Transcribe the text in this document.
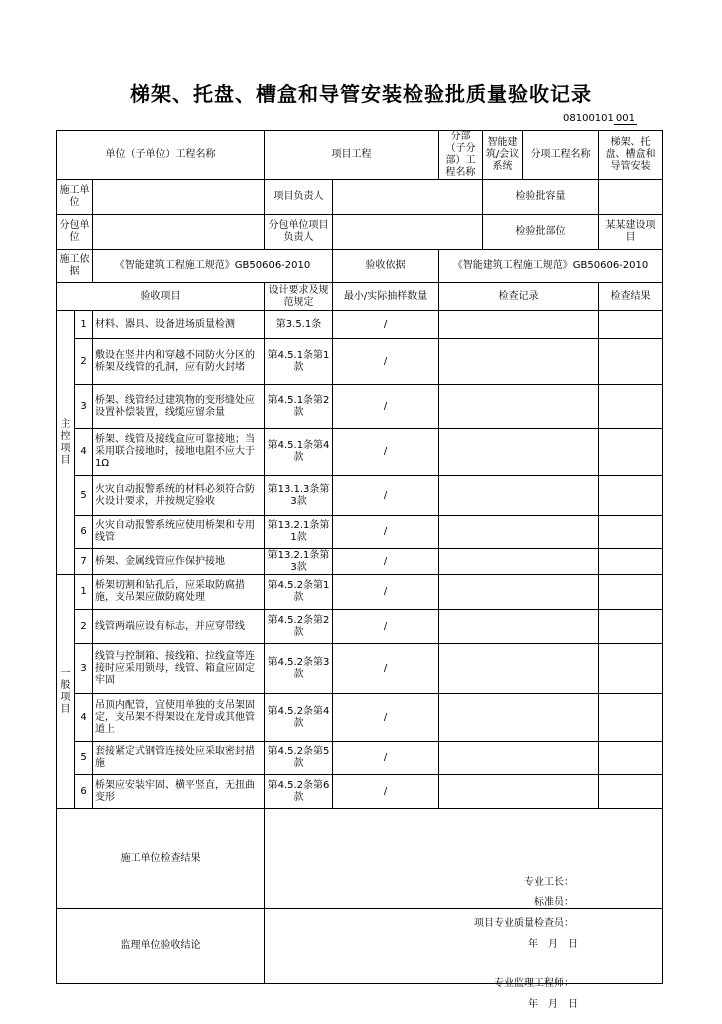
梯架、托盘、槽盒和导管安装检验批质量验收记录
08100101 001
单位（子单位）工程名称			项目工程		分部（子分部）工程名称	智能建筑/会议系统	分项工程名称	梯架、托盘、槽盒和导管安装
施工单位			项目负责人			检验批容量		
分包单位			分包单位项目负责人			检验批部位		某某建设项目
施工依据		《智能建筑工程施工规范》GB50606-2010		验收依据	《智能建筑工程施工规范》GB50606-2010			
验收项目			设计要求及规范规定	最小/实际抽样数量	检查记录			检查结果
主控项目	1	材料、器具、设备进场质量检测	第3.5.1条	/				
	2	敷设在竖井内和穿越不同防火分区的桥架及线管的孔洞，应有防火封堵	第4.5.1条第1款	/				
	3	桥架、线管经过建筑物的变形缝处应设置补偿装置，线缆应留余量	第4.5.1条第2款	/				
	4	桥架、线管及接线盒应可靠接地；当采用联合接地时，接地电阻不应大于1Ω	第4.5.1条第4款	/				
	5	火灾自动报警系统的材料必须符合防火设计要求，并按规定验收	第13.1.3条第3款	/				
	6	火灾自动报警系统应使用桥架和专用线管	第13.2.1条第1款	/				
	7	桥架、金属线管应作保护接地	第13.2.1条第3款	/				
一般项目	1	桥架切割和钻孔后，应采取防腐措施，支吊架应做防腐处理	第4.5.2条第1款	/				
	2	线管两端应设有标志，并应穿带线	第4.5.2条第2款	/				
	3	线管与控制箱、接线箱、拉线盒等连接时应采用锁母，线管、箱盒应固定牢固	第4.5.2条第3款	/				
	4	吊顶内配管，宜使用单独的支吊架固定，支吊架不得架设在龙骨或其他管道上	第4.5.2条第4款	/				
	5	套接紧定式钢管连接处应采取密封措施	第4.5.2条第5款	/				
	6	桥架应安装牢固、横平竖直，无扭曲变形	第4.5.2条第6款	/				
施工单位检查结果			专业工长：
标准员：
项目专业质量检查员：
年　月　日					

监理单位验收结论			专业监理工程师：
年　月　日					
